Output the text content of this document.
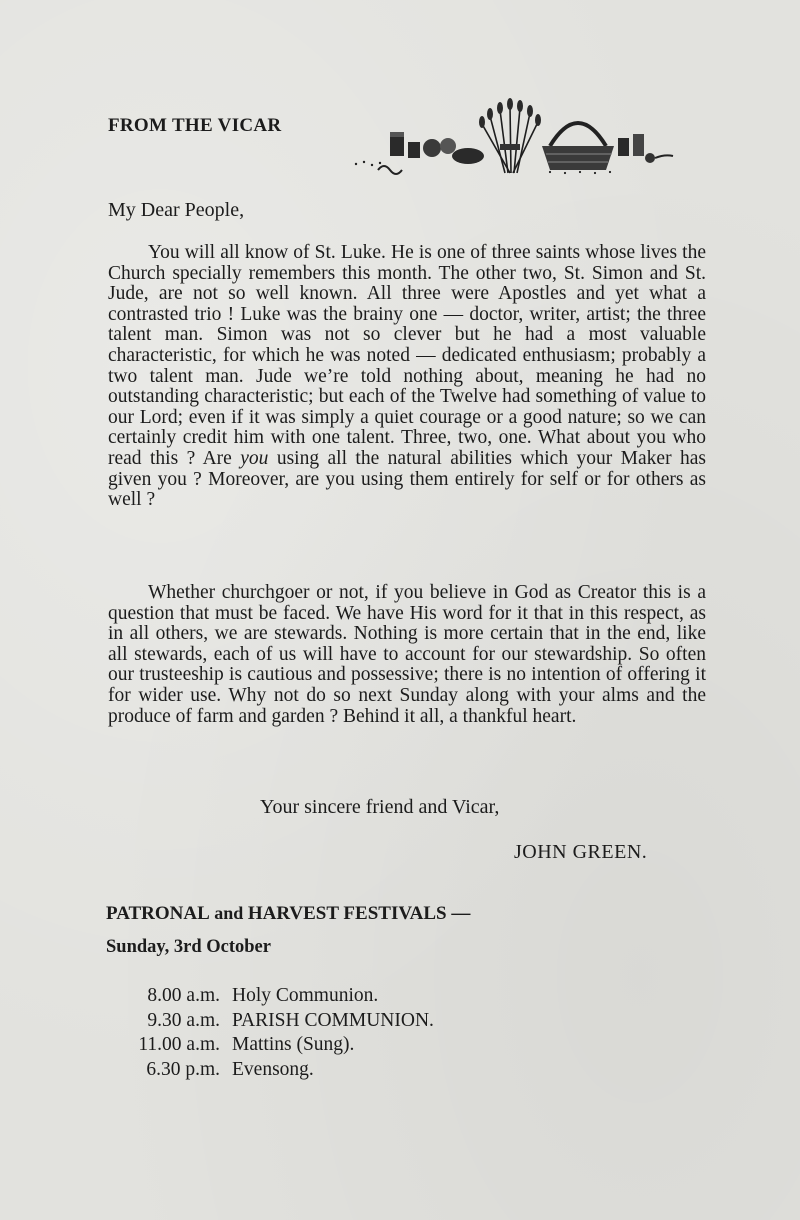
FROM THE VICAR
My Dear People,

You will all know of St. Luke. He is one of three saints whose lives the Church specially remembers this month. The other two, St. Simon and St. Jude, are not so well known. All three were Apostles and yet what a contrasted trio ! Luke was the brainy one — doctor, writer, artist; the three talent man. Simon was not so clever but he had a most valuable characteristic, for which he was noted — dedicated enthusiasm; probably a two talent man. Jude we’re told nothing about, meaning he had no outstanding characteristic; but each of the Twelve had something of value to our Lord; even if it was simply a quiet courage or a good nature; so we can certainly credit him with one talent. Three, two, one. What about you who read this ? Are you using all the natural abilities which your Maker has given you ? Moreover, are you using them entirely for self or for others as well ?

Whether churchgoer or not, if you believe in God as Creator this is a question that must be faced. We have His word for it that in this respect, as in all others, we are stewards. Nothing is more certain that in the end, like all stewards, each of us will have to account for our stewardship. So often our trusteeship is cautious and possessive; there is no intention of offering it for wider use. Why not do so next Sunday along with your alms and the produce of farm and garden ? Behind it all, a thankful heart.

Your sincere friend and Vicar,
JOHN GREEN.
PATRONAL and HARVEST FESTIVALS —
Sunday, 3rd October
8.00 a.m. Holy Communion.
9.30 a.m. PARISH COMMUNION.
11.00 a.m. Mattins (Sung).
6.30 p.m. Evensong.
